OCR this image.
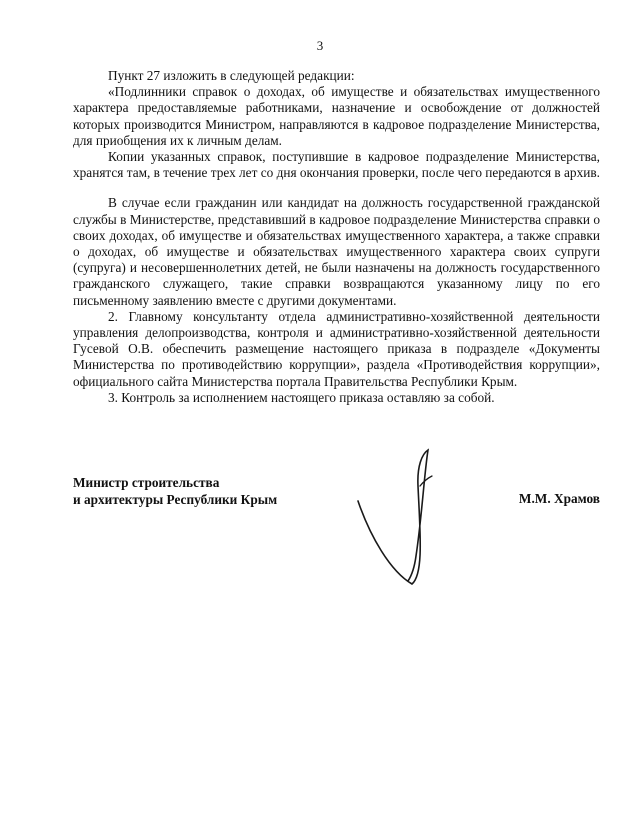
3

Пункт 27 изложить в следующей редакции:

«Подлинники справок о доходах, об имуществе и обязательствах имущественного характера предоставляемые работниками, назначение и освобождение от должностей которых производится Министром, направляются в кадровое подразделение Министерства, для приобщения их к личным делам.

Копии указанных справок, поступившие в кадровое подразделение Министерства, хранятся там, в течение трех лет со дня окончания проверки, после чего передаются в архив.

В случае если гражданин или кандидат на должность государственной гражданской службы в Министерстве, представивший в кадровое подразделение Министерства справки о своих доходах, об имуществе и обязательствах имущественного характера, а также справки о доходах, об имуществе и обязательствах имущественного характера своих супруги (супруга) и несовершеннолетних детей, не были назначены на должность государственного гражданского служащего, такие справки возвращаются указанному лицу по его письменному заявлению вместе с другими документами.

2. Главному консультанту отдела административно-хозяйственной деятельности управления делопроизводства, контроля и административно-хозяйственной деятельности Гусевой О.В. обеспечить размещение настоящего приказа в подразделе «Документы Министерства по противодействию коррупции», раздела «Противодействия коррупции», официального сайта Министерства портала Правительства Республики Крым.

3. Контроль за исполнением настоящего приказа оставляю за собой.

Министр строительства
и архитектуры Республики Крым	М.М. Храмов
